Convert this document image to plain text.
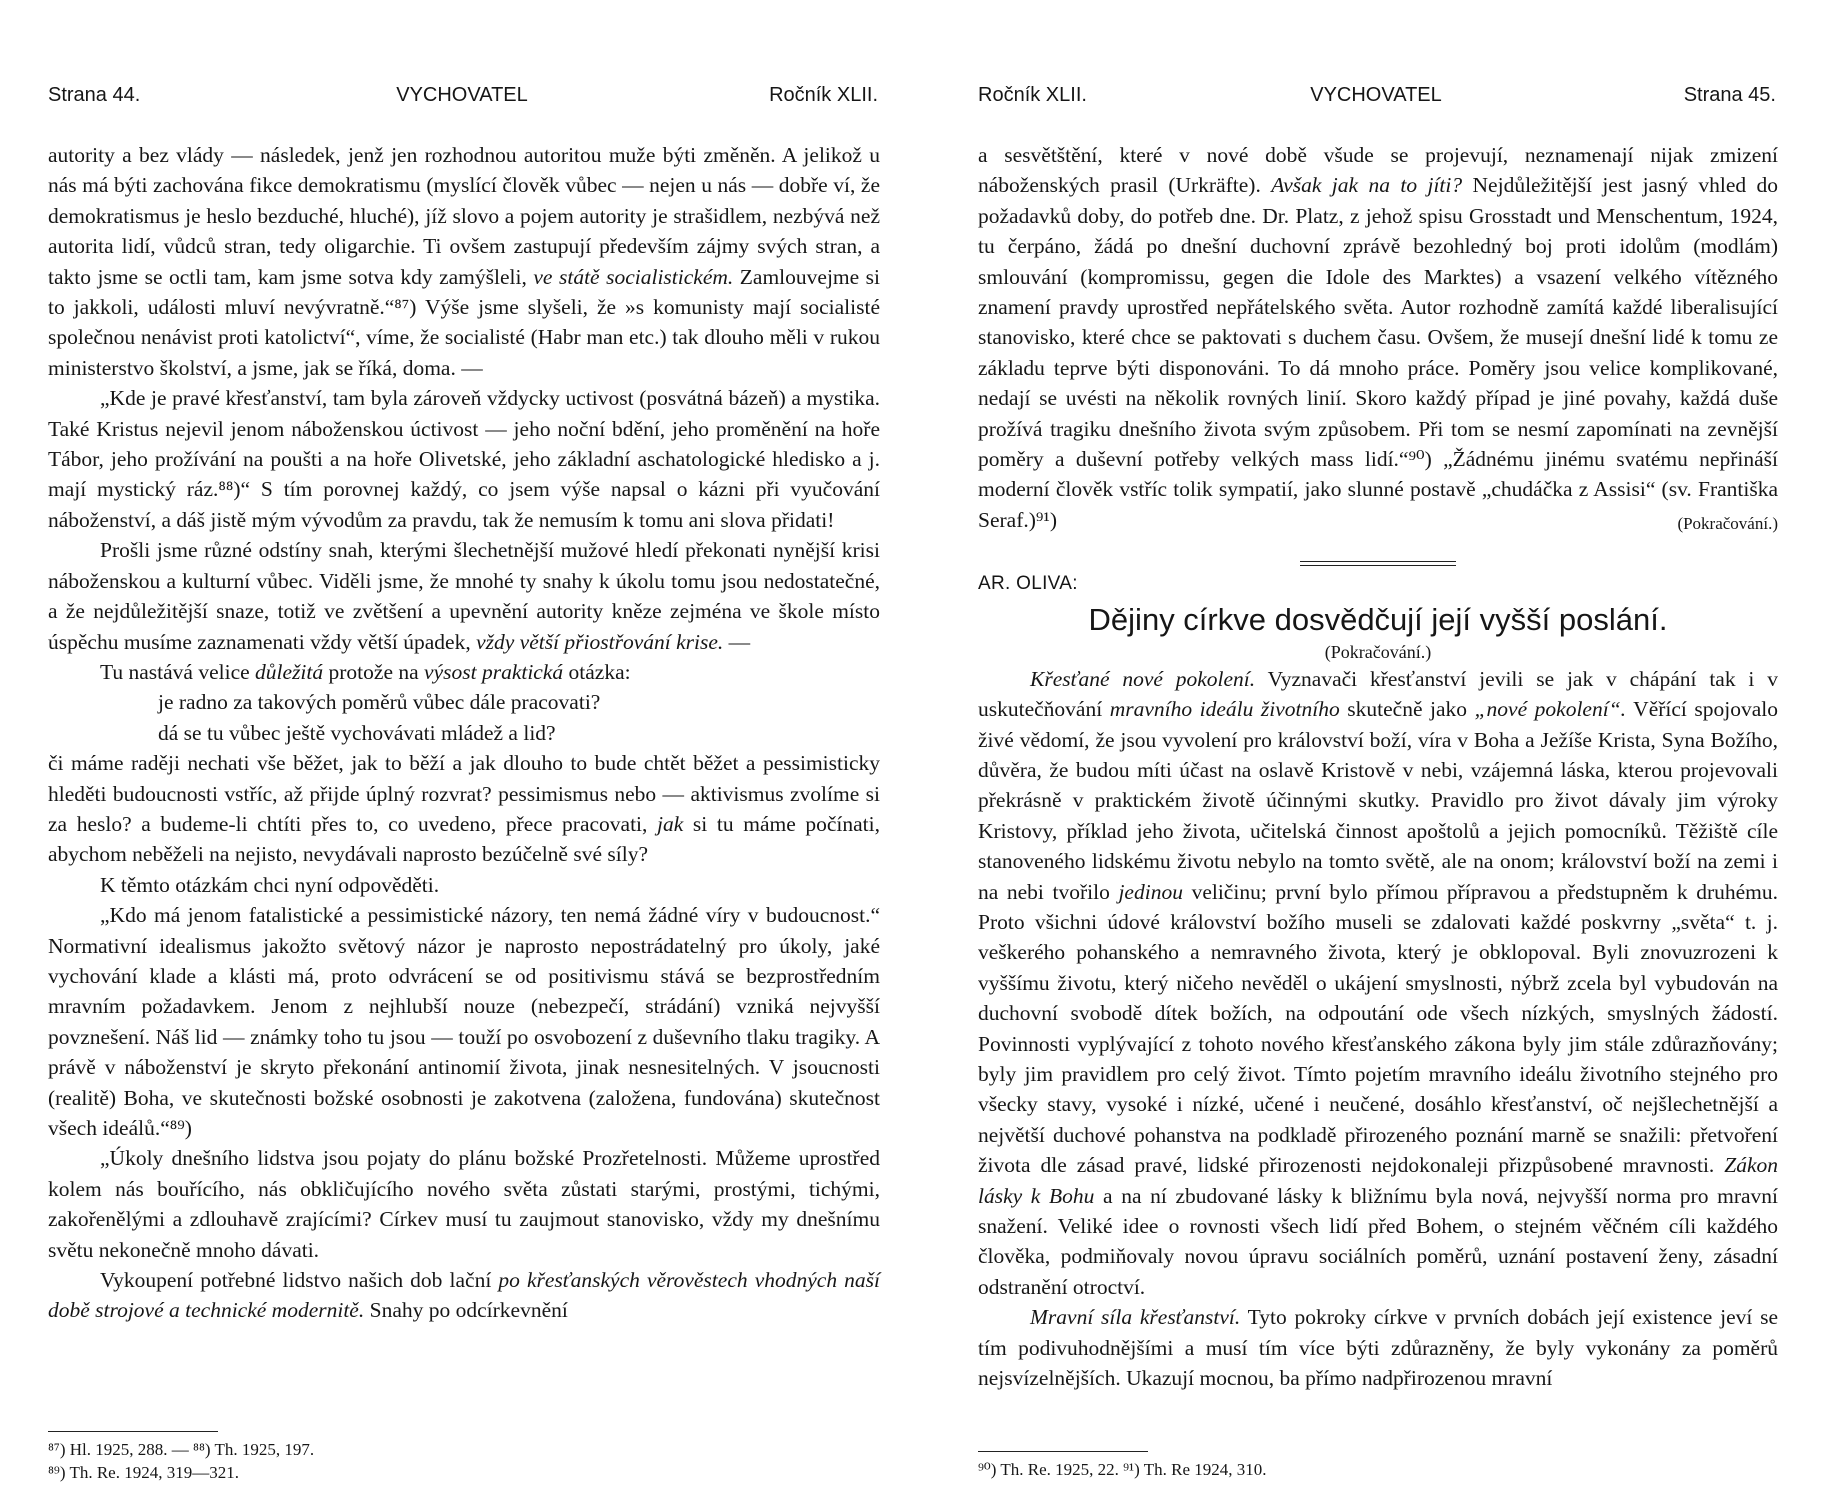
Strana 44.	VYCHOVATEL	Ročník XLII.

autority a bez vlády — následek, jenž jen rozhodnou autoritou muže býti změněn. A jelikož u nás má býti zachována fikce demokratismu (myslící člověk vůbec — nejen u nás — dobře ví, že demokratismus je heslo bezduché, hluché), jíž slovo a pojem autority je strašidlem, nezbývá než autorita lidí, vůdců stran, tedy oligarchie. Ti ovšem zastupují především zájmy svých stran, a takto jsme se octli tam, kam jsme sotva kdy zamýšleli, ve státě socialistickém. Zamlouvejme si to jakkoli, události mluví nevývratně.“⁸⁷) Výše jsme slyšeli, že »s komunisty mají socialisté společnou nenávist proti katolictví“, víme, že socialisté (Habr man etc.) tak dlouho měli v rukou ministerstvo školství, a jsme, jak se říká, doma. —

„Kde je pravé křesťanství, tam byla zároveň vždycky uctivost (posvátná bázeň) a mystika. Také Kristus nejevil jenom náboženskou úctivost — jeho noční bdění, jeho proměnění na hoře Tábor, jeho prožívání na poušti a na hoře Olivetské, jeho základní aschatologické hledisko a j. mají mystický ráz.⁸⁸)“ S tím porovnej každý, co jsem výše napsal o kázni při vyučování náboženství, a dáš jistě mým vývodům za pravdu, tak že nemusím k tomu ani slova přidati!

Prošli jsme různé odstíny snah, kterými šlechetnější mužové hledí překonati nynější krisi náboženskou a kulturní vůbec. Viděli jsme, že mnohé ty snahy k úkolu tomu jsou nedostatečné, a že nejdůležitější snaze, totiž ve zvětšení a upevnění autority kněze zejména ve škole místo úspěchu musíme zaznamenati vždy větší úpadek, vždy větší přiostřování krise. —

Tu nastává velice důležitá protože na výsost praktická otázka:

je radno za takových poměrů vůbec dále pracovati?

dá se tu vůbec ještě vychovávati mládež a lid?

či máme raději nechati vše běžet, jak to běží a jak dlouho to bude chtět běžet a pessimisticky hleděti budoucnosti vstříc, až přijde úplný rozvrat? pessimismus nebo — aktivismus zvolíme si za heslo? a budeme-li chtíti přes to, co uvedeno, přece pracovati, jak si tu máme počínati, abychom neběželi na nejisto, nevydávali naprosto bezúčelně své síly?

K těmto otázkám chci nyní odpověděti.

„Kdo má jenom fatalistické a pessimistické názory, ten nemá žádné víry v budoucnost.“ Normativní idealismus jakožto světový názor je naprosto nepostrádatelný pro úkoly, jaké vychování klade a klásti má, proto odvrácení se od positivismu stává se bezprostředním mravním požadavkem. Jenom z nejhlubší nouze (nebezpečí, strádání) vzniká nejvyšší povznešení. Náš lid — známky toho tu jsou — touží po osvobození z duševního tlaku tragiky. A právě v náboženství je skryto překonání antinomií života, jinak nesnesitelných. V jsoucnosti (realitě) Boha, ve skutečnosti božské osobnosti je zakotvena (založena, fundována) skutečnost všech ideálů.“⁸⁹)

„Úkoly dnešního lidstva jsou pojaty do plánu božské Prozřetelnosti. Můžeme uprostřed kolem nás bouřícího, nás obkličujícího nového světa zůstati starými, prostými, tichými, zakořenělými a zdlouhavě zrajícími? Církev musí tu zaujmout stanovisko, vždy my dnešnímu světu nekonečně mnoho dávati.

Vykoupení potřebné lidstvo našich dob lační po křesťanských věrověstech vhodných naší době strojové a technické modernitě. Snahy po odcírkevnění

⁸⁷) Hl. 1925, 288. — ⁸⁸) Th. 1925, 197.

⁸⁹) Th. Re. 1924, 319—321.

Ročník XLII.	VYCHOVATEL	Strana 45.

a sesvětštění, které v nové době všude se projevují, neznamenají nijak zmizení náboženských prasil (Urkräfte). Avšak jak na to jíti? Nejdůležitější jest jasný vhled do požadavků doby, do potřeb dne. Dr. Platz, z jehož spisu Grosstadt und Menschentum, 1924, tu čerpáno, žádá po dnešní duchovní zprávě bezohledný boj proti idolům (modlám) smlouvání (kompromissu, gegen die Idole des Marktes) a vsazení velkého vítězného znamení pravdy uprostřed nepřátelského světa. Autor rozhodně zamítá každé liberalisující stanovisko, které chce se paktovati s duchem času. Ovšem, že musejí dnešní lidé k tomu ze základu teprve býti disponováni. To dá mnoho práce. Poměry jsou velice komplikované, nedají se uvésti na několik rovných linií. Skoro každý případ je jiné povahy, každá duše prožívá tragiku dnešního života svým způsobem. Při tom se nesmí zapomínati na zevnější poměry a duševní potřeby velkých mass lidí.“⁹⁰) „Žádnému jinému svatému nepřináší moderní člověk vstříc tolik sympatií, jako slunné postavě „chudáčka z Assisi“ (sv. Františka Seraf.)⁹¹)	(Pokračování.)

AR. OLIVA:

Dějiny církve dosvědčují její vyšší poslání.

(Pokračování.)

Křesťané nové pokolení. Vyznavači křesťanství jevili se jak v chápání tak i v uskutečňování mravního ideálu životního skutečně jako „nové pokolení“. Věřící spojovalo živé vědomí, že jsou vyvolení pro království boží, víra v Boha a Ježíše Krista, Syna Božího, důvěra, že budou míti účast na oslavě Kristově v nebi, vzájemná láska, kterou projevovali překrásně v praktickém životě účinnými skutky. Pravidlo pro život dávaly jim výroky Kristovy, příklad jeho života, učitelská činnost apoštolů a jejich pomocníků. Těžiště cíle stanoveného lidskému životu nebylo na tomto světě, ale na onom; království boží na zemi i na nebi tvořilo jedinou veličinu; první bylo přímou přípravou a předstupněm k druhému. Proto všichni údové království božího museli se zdalovati každé poskvrny „světa“ t. j. veškerého pohanského a nemravného života, který je obklopoval. Byli znovuzrozeni k vyššímu životu, který ničeho nevěděl o ukájení smyslnosti, nýbrž zcela byl vybudován na duchovní svobodě dítek božích, na odpoutání ode všech nízkých, smyslných žádostí. Povinnosti vyplývající z tohoto nového křesťanského zákona byly jim stále zdůrazňovány; byly jim pravidlem pro celý život. Tímto pojetím mravního ideálu životního stejného pro všecky stavy, vysoké i nízké, učené i neučené, dosáhlo křesťanství, oč nejšlechetnější a největší duchové pohanstva na podkladě přirozeného poznání marně se snažili: přetvoření života dle zásad pravé, lidské přirozenosti nejdokonaleji přizpůsobené mravnosti. Zákon lásky k Bohu a na ní zbudované lásky k bližnímu byla nová, nejvyšší norma pro mravní snažení. Veliké idee o rovnosti všech lidí před Bohem, o stejném věčném cíli každého člověka, podmiňovaly novou úpravu sociálních poměrů, uznání postavení ženy, zásadní odstranění otroctví.

Mravní síla křesťanství. Tyto pokroky církve v prvních dobách její existence jeví se tím podivuhodnějšími a musí tím více býti zdůrazněny, že byly vykonány za poměrů nejsvízelnějších. Ukazují mocnou, ba přímo nadpřirozenou mravní

⁹⁰) Th. Re. 1925, 22. ⁹¹) Th. Re 1924, 310.
